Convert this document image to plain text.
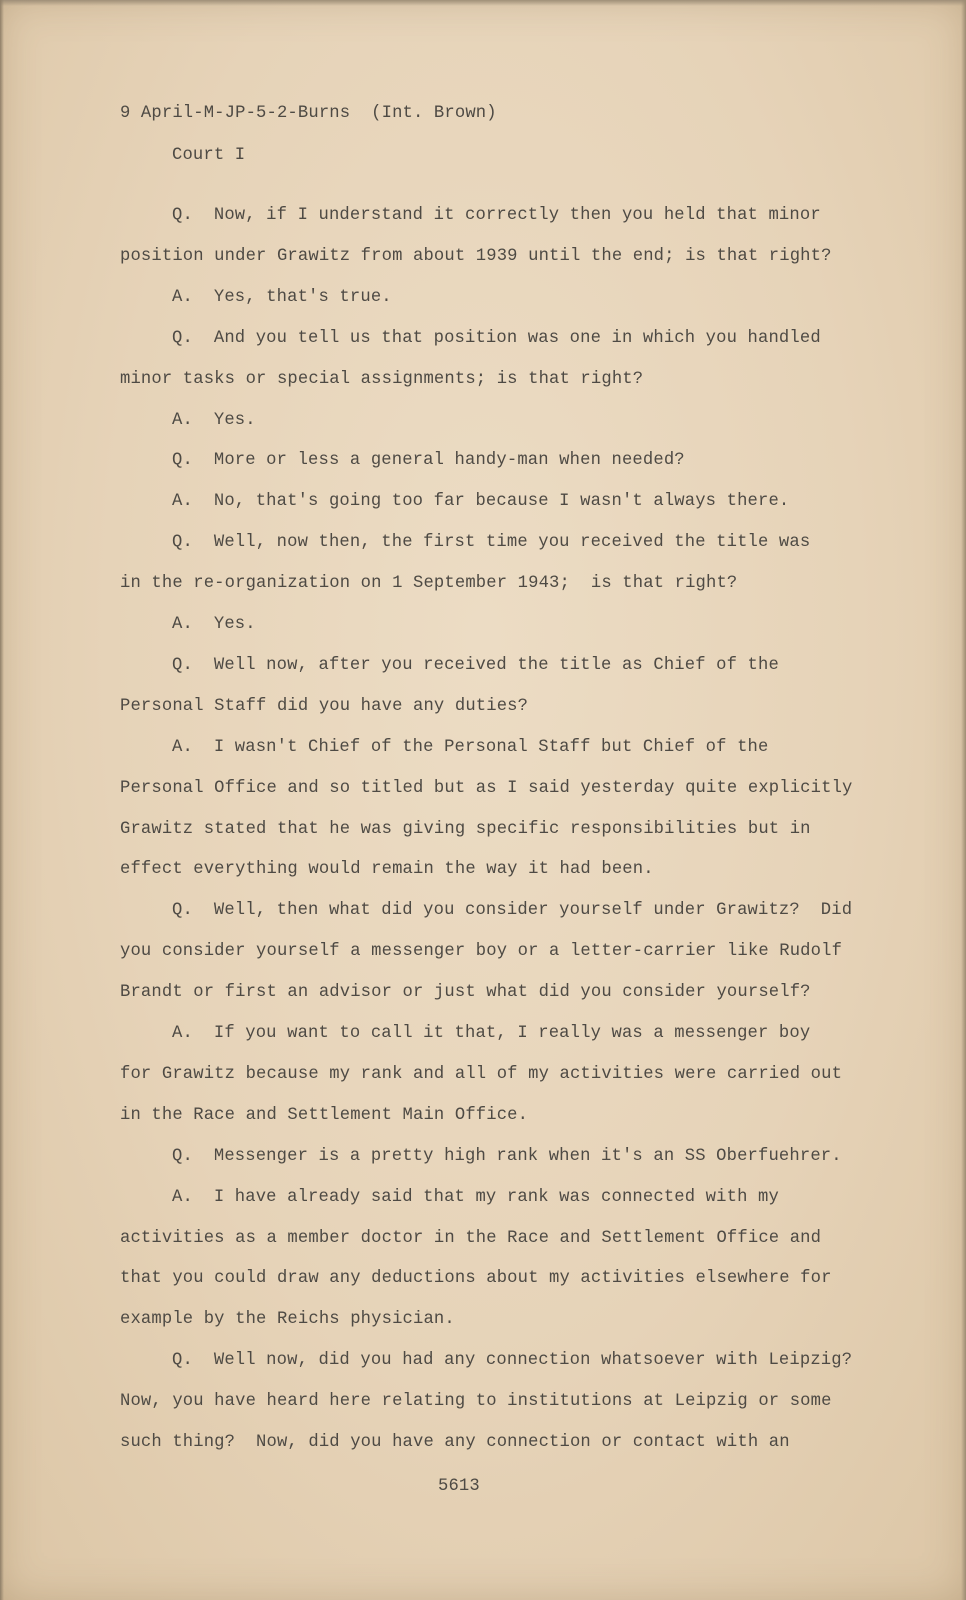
9 April-M-JP-5-2-Burns  (Int. Brown)
Court I
Q.  Now, if I understand it correctly then you held that minor
position under Grawitz from about 1939 until the end; is that right?
A.  Yes, that's true.
Q.  And you tell us that position was one in which you handled
minor tasks or special assignments; is that right?
A.  Yes.
Q.  More or less a general handy-man when needed?
A.  No, that's going too far because I wasn't always there.
Q.  Well, now then, the first time you received the title was
in the re-organization on 1 September 1943;  is that right?
A.  Yes.
Q.  Well now, after you received the title as Chief of the
Personal Staff did you have any duties?
A.  I wasn't Chief of the Personal Staff but Chief of the
Personal Office and so titled but as I said yesterday quite explicitly
Grawitz stated that he was giving specific responsibilities but in
effect everything would remain the way it had been.
Q.  Well, then what did you consider yourself under Grawitz?  Did
you consider yourself a messenger boy or a letter-carrier like Rudolf
Brandt or first an advisor or just what did you consider yourself?
A.  If you want to call it that, I really was a messenger boy
for Grawitz because my rank and all of my activities were carried out
in the Race and Settlement Main Office.
Q.  Messenger is a pretty high rank when it's an SS Oberfuehrer.
A.  I have already said that my rank was connected with my
activities as a member doctor in the Race and Settlement Office and
that you could draw any deductions about my activities elsewhere for
example by the Reichs physician.
Q.  Well now, did you had any connection whatsoever with Leipzig?
Now, you have heard here relating to institutions at Leipzig or some
such thing?  Now, did you have any connection or contact with an
5613
